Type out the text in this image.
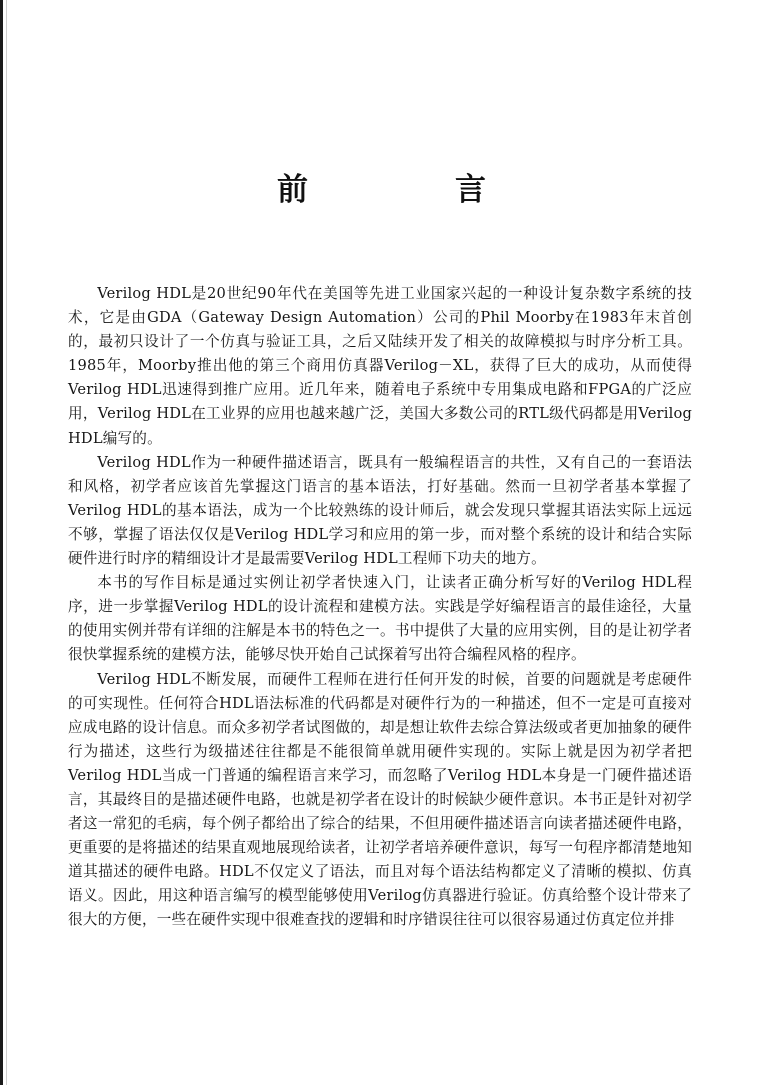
前　言

Verilog HDL是20世纪90年代在美国等先进工业国家兴起的一种设计复杂数字系统的技术，它是由GDA（Gateway Design Automation）公司的Phil Moorby在1983年末首创的，最初只设计了一个仿真与验证工具，之后又陆续开发了相关的故障模拟与时序分析工具。1985年，Moorby推出他的第三个商用仿真器Verilog－XL，获得了巨大的成功，从而使得Verilog HDL迅速得到推广应用。近几年来，随着电子系统中专用集成电路和FPGA的广泛应用，Verilog HDL在工业界的应用也越来越广泛，美国大多数公司的RTL级代码都是用Verilog HDL编写的。

Verilog HDL作为一种硬件描述语言，既具有一般编程语言的共性，又有自己的一套语法和风格，初学者应该首先掌握这门语言的基本语法，打好基础。然而一旦初学者基本掌握了Verilog HDL的基本语法，成为一个比较熟练的设计师后，就会发现只掌握其语法实际上远远不够，掌握了语法仅仅是Verilog HDL学习和应用的第一步，而对整个系统的设计和结合实际硬件进行时序的精细设计才是最需要Verilog HDL工程师下功夫的地方。

本书的写作目标是通过实例让初学者快速入门，让读者正确分析写好的Verilog HDL程序，进一步掌握Verilog HDL的设计流程和建模方法。实践是学好编程语言的最佳途径，大量的使用实例并带有详细的注解是本书的特色之一。书中提供了大量的应用实例，目的是让初学者很快掌握系统的建模方法，能够尽快开始自己试探着写出符合编程风格的程序。

Verilog HDL不断发展，而硬件工程师在进行任何开发的时候，首要的问题就是考虑硬件的可实现性。任何符合HDL语法标准的代码都是对硬件行为的一种描述，但不一定是可直接对应成电路的设计信息。而众多初学者试图做的，却是想让软件去综合算法级或者更加抽象的硬件行为描述，这些行为级描述往往都是不能很简单就用硬件实现的。实际上就是因为初学者把Verilog HDL当成一门普通的编程语言来学习，而忽略了Verilog HDL本身是一门硬件描述语言，其最终目的是描述硬件电路，也就是初学者在设计的时候缺少硬件意识。本书正是针对初学者这一常犯的毛病，每个例子都给出了综合的结果，不但用硬件描述语言向读者描述硬件电路，更重要的是将描述的结果直观地展现给读者，让初学者培养硬件意识，每写一句程序都清楚地知道其描述的硬件电路。HDL不仅定义了语法，而且对每个语法结构都定义了清晰的模拟、仿真语义。因此，用这种语言编写的模型能够使用Verilog仿真器进行验证。仿真给整个设计带来了很大的方便，一些在硬件实现中很难查找的逻辑和时序错误往往可以很容易通过仿真定位并排
